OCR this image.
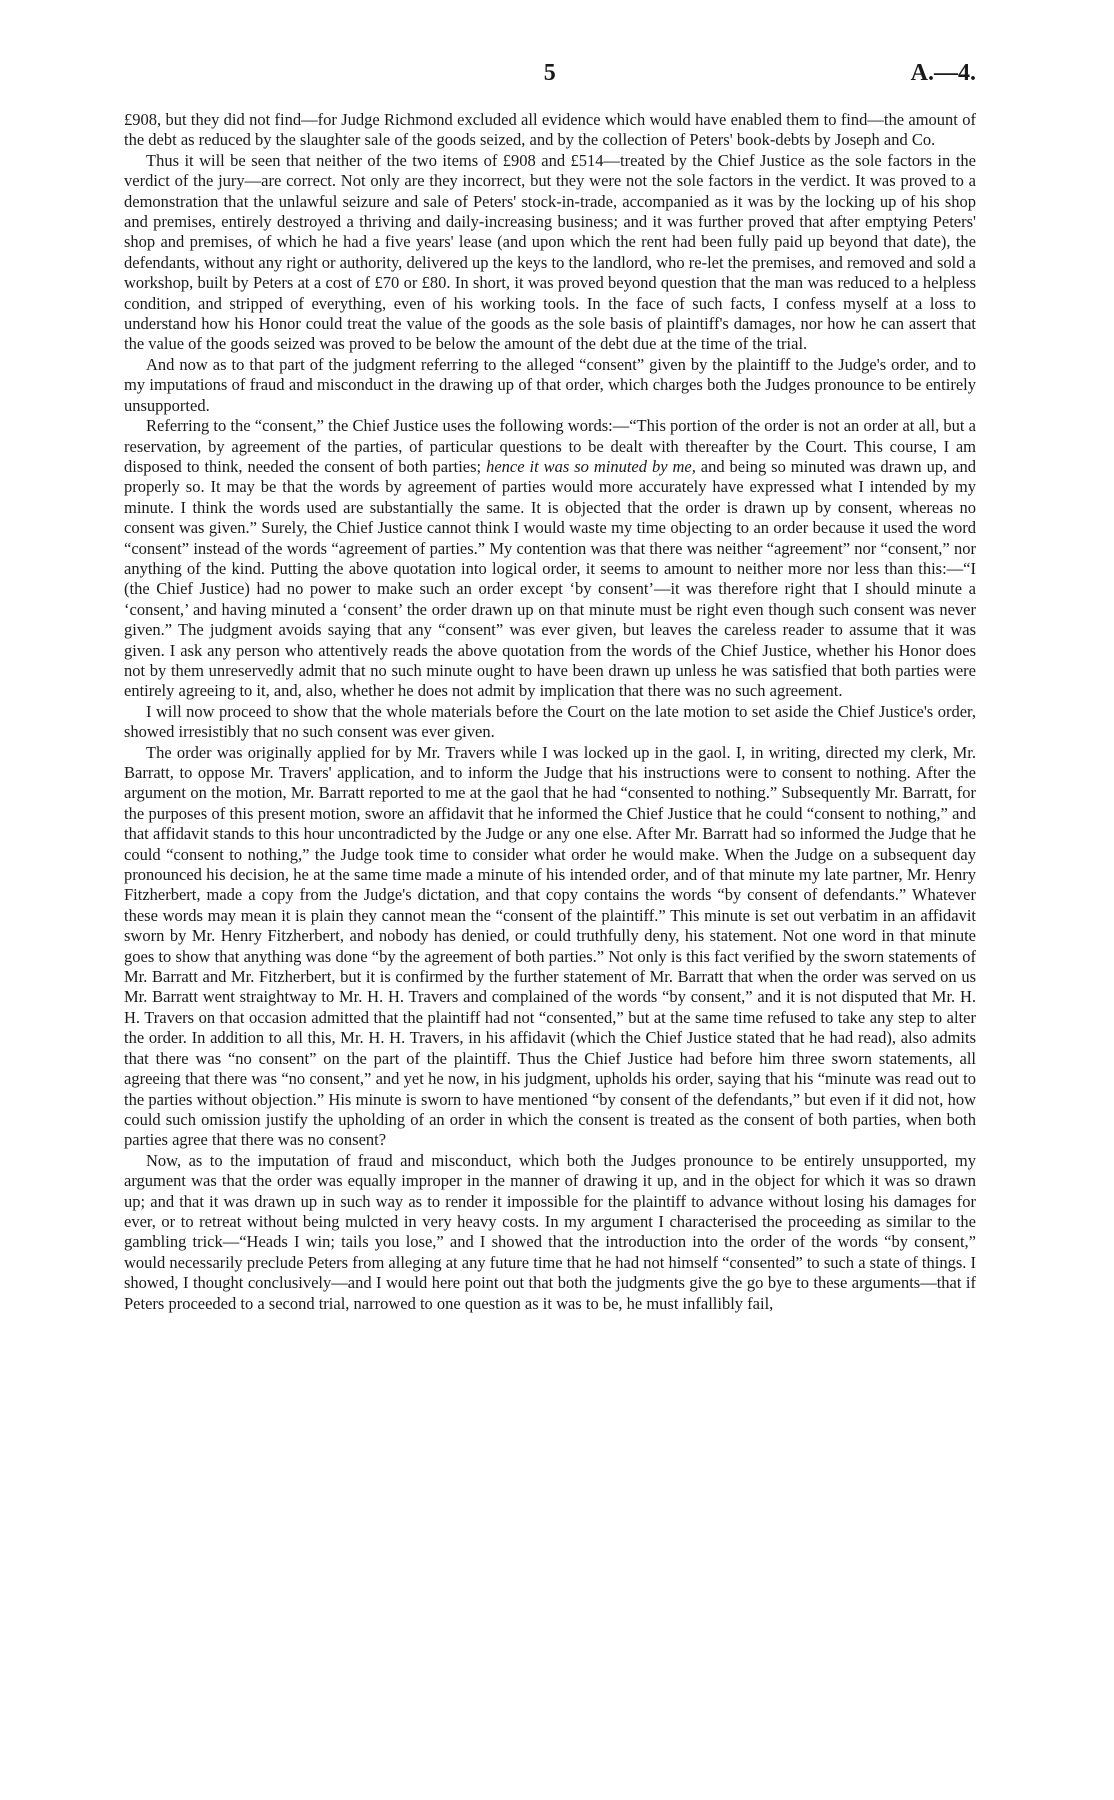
5	A.—4.

£908, but they did not find—for Judge Richmond excluded all evidence which would have enabled them to find—the amount of the debt as reduced by the slaughter sale of the goods seized, and by the collection of Peters' book-debts by Joseph and Co.

Thus it will be seen that neither of the two items of £908 and £514—treated by the Chief Justice as the sole factors in the verdict of the jury—are correct. Not only are they incorrect, but they were not the sole factors in the verdict. It was proved to a demonstration that the unlawful seizure and sale of Peters' stock-in-trade, accompanied as it was by the locking up of his shop and premises, entirely destroyed a thriving and daily-increasing business; and it was further proved that after emptying Peters' shop and premises, of which he had a five years' lease (and upon which the rent had been fully paid up beyond that date), the defendants, without any right or authority, delivered up the keys to the landlord, who re-let the premises, and removed and sold a workshop, built by Peters at a cost of £70 or £80. In short, it was proved beyond question that the man was reduced to a helpless condition, and stripped of everything, even of his working tools. In the face of such facts, I confess myself at a loss to understand how his Honor could treat the value of the goods as the sole basis of plaintiff's damages, nor how he can assert that the value of the goods seized was proved to be below the amount of the debt due at the time of the trial.

And now as to that part of the judgment referring to the alleged “consent” given by the plaintiff to the Judge's order, and to my imputations of fraud and misconduct in the drawing up of that order, which charges both the Judges pronounce to be entirely unsupported.

Referring to the “consent,” the Chief Justice uses the following words:—“This portion of the order is not an order at all, but a reservation, by agreement of the parties, of particular questions to be dealt with thereafter by the Court. This course, I am disposed to think, needed the consent of both parties; hence it was so minuted by me, and being so minuted was drawn up, and properly so. It may be that the words by agreement of parties would more accurately have expressed what I intended by my minute. I think the words used are substantially the same. It is objected that the order is drawn up by consent, whereas no consent was given.” Surely, the Chief Justice cannot think I would waste my time objecting to an order because it used the word “consent” instead of the words “agreement of parties.” My contention was that there was neither “agreement” nor “consent,” nor anything of the kind. Putting the above quotation into logical order, it seems to amount to neither more nor less than this:—“I (the Chief Justice) had no power to make such an order except ‘by consent’—it was therefore right that I should minute a ‘consent,’ and having minuted a ‘consent’ the order drawn up on that minute must be right even though such consent was never given.” The judgment avoids saying that any “consent” was ever given, but leaves the careless reader to assume that it was given. I ask any person who attentively reads the above quotation from the words of the Chief Justice, whether his Honor does not by them unreservedly admit that no such minute ought to have been drawn up unless he was satisfied that both parties were entirely agreeing to it, and, also, whether he does not admit by implication that there was no such agreement.

I will now proceed to show that the whole materials before the Court on the late motion to set aside the Chief Justice's order, showed irresistibly that no such consent was ever given.

The order was originally applied for by Mr. Travers while I was locked up in the gaol. I, in writing, directed my clerk, Mr. Barratt, to oppose Mr. Travers' application, and to inform the Judge that his instructions were to consent to nothing. After the argument on the motion, Mr. Barratt reported to me at the gaol that he had “consented to nothing.” Subsequently Mr. Barratt, for the purposes of this present motion, swore an affidavit that he informed the Chief Justice that he could “consent to nothing,” and that affidavit stands to this hour uncontradicted by the Judge or any one else. After Mr. Barratt had so informed the Judge that he could “consent to nothing,” the Judge took time to consider what order he would make. When the Judge on a subsequent day pronounced his decision, he at the same time made a minute of his intended order, and of that minute my late partner, Mr. Henry Fitzherbert, made a copy from the Judge's dictation, and that copy contains the words “by consent of defendants.” Whatever these words may mean it is plain they cannot mean the “consent of the plaintiff.” This minute is set out verbatim in an affidavit sworn by Mr. Henry Fitzherbert, and nobody has denied, or could truthfully deny, his statement. Not one word in that minute goes to show that anything was done “by the agreement of both parties.” Not only is this fact verified by the sworn statements of Mr. Barratt and Mr. Fitzherbert, but it is confirmed by the further statement of Mr. Barratt that when the order was served on us Mr. Barratt went straightway to Mr. H. H. Travers and complained of the words “by consent,” and it is not disputed that Mr. H. H. Travers on that occasion admitted that the plaintiff had not “consented,” but at the same time refused to take any step to alter the order. In addition to all this, Mr. H. H. Travers, in his affidavit (which the Chief Justice stated that he had read), also admits that there was “no consent” on the part of the plaintiff. Thus the Chief Justice had before him three sworn statements, all agreeing that there was “no consent,” and yet he now, in his judgment, upholds his order, saying that his “minute was read out to the parties without objection.” His minute is sworn to have mentioned “by consent of the defendants,” but even if it did not, how could such omission justify the upholding of an order in which the consent is treated as the consent of both parties, when both parties agree that there was no consent?

Now, as to the imputation of fraud and misconduct, which both the Judges pronounce to be entirely unsupported, my argument was that the order was equally improper in the manner of drawing it up, and in the object for which it was so drawn up; and that it was drawn up in such way as to render it impossible for the plaintiff to advance without losing his damages for ever, or to retreat without being mulcted in very heavy costs. In my argument I characterised the proceeding as similar to the gambling trick—“Heads I win; tails you lose,” and I showed that the introduction into the order of the words “by consent,” would necessarily preclude Peters from alleging at any future time that he had not himself “consented” to such a state of things. I showed, I thought conclusively—and I would here point out that both the judgments give the go bye to these arguments—that if Peters proceeded to a second trial, narrowed to one question as it was to be, he must infallibly fail,
